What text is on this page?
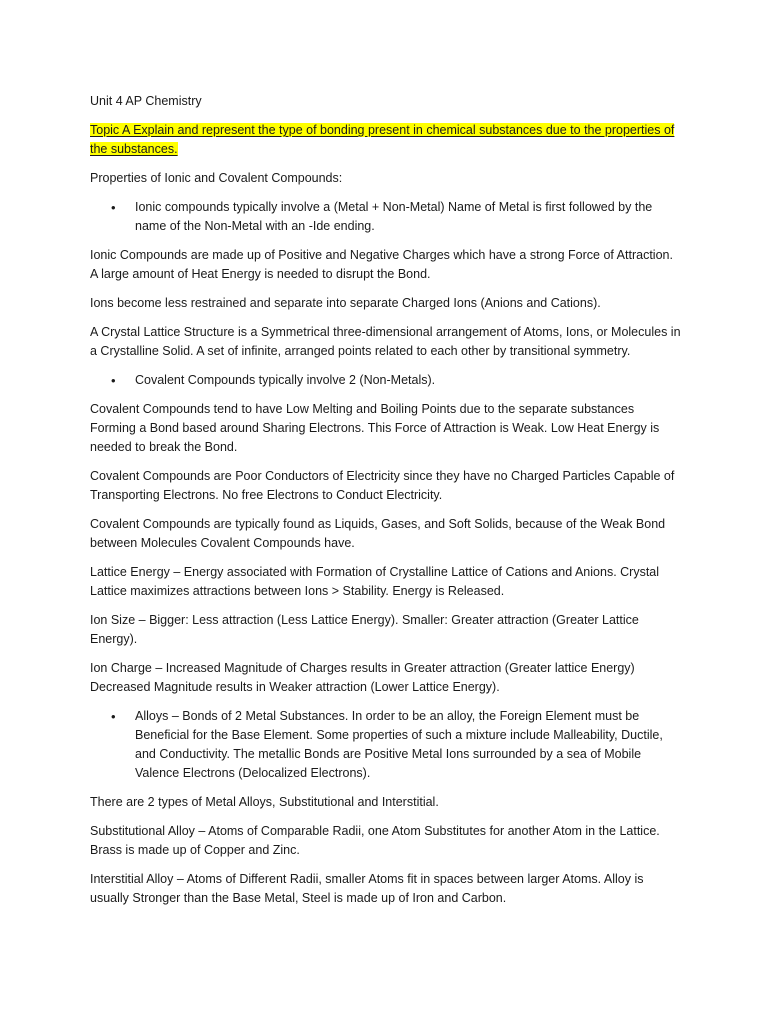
Unit 4 AP Chemistry

Topic A Explain and represent the type of bonding present in chemical substances due to the properties of the substances.

Properties of Ionic and Covalent Compounds:

• Ionic compounds typically involve a (Metal + Non-Metal) Name of Metal is first followed by the name of the Non-Metal with an -Ide ending.

Ionic Compounds are made up of Positive and Negative Charges which have a strong Force of Attraction. A large amount of Heat Energy is needed to disrupt the Bond.

Ions become less restrained and separate into separate Charged Ions (Anions and Cations).

A Crystal Lattice Structure is a Symmetrical three-dimensional arrangement of Atoms, Ions, or Molecules in a Crystalline Solid. A set of infinite, arranged points related to each other by transitional symmetry.

• Covalent Compounds typically involve 2 (Non-Metals).

Covalent Compounds tend to have Low Melting and Boiling Points due to the separate substances Forming a Bond based around Sharing Electrons. This Force of Attraction is Weak. Low Heat Energy is needed to break the Bond.

Covalent Compounds are Poor Conductors of Electricity since they have no Charged Particles Capable of Transporting Electrons. No free Electrons to Conduct Electricity.

Covalent Compounds are typically found as Liquids, Gases, and Soft Solids, because of the Weak Bond between Molecules Covalent Compounds have.

Lattice Energy – Energy associated with Formation of Crystalline Lattice of Cations and Anions. Crystal Lattice maximizes attractions between Ions > Stability. Energy is Released.

Ion Size – Bigger: Less attraction (Less Lattice Energy). Smaller: Greater attraction (Greater Lattice Energy).

Ion Charge – Increased Magnitude of Charges results in Greater attraction (Greater lattice Energy) Decreased Magnitude results in Weaker attraction (Lower Lattice Energy).

• Alloys – Bonds of 2 Metal Substances. In order to be an alloy, the Foreign Element must be Beneficial for the Base Element. Some properties of such a mixture include Malleability, Ductile, and Conductivity. The metallic Bonds are Positive Metal Ions surrounded by a sea of Mobile Valence Electrons (Delocalized Electrons).

There are 2 types of Metal Alloys, Substitutional and Interstitial.

Substitutional Alloy – Atoms of Comparable Radii, one Atom Substitutes for another Atom in the Lattice. Brass is made up of Copper and Zinc.

Interstitial Alloy – Atoms of Different Radii, smaller Atoms fit in spaces between larger Atoms. Alloy is usually Stronger than the Base Metal, Steel is made up of Iron and Carbon.
